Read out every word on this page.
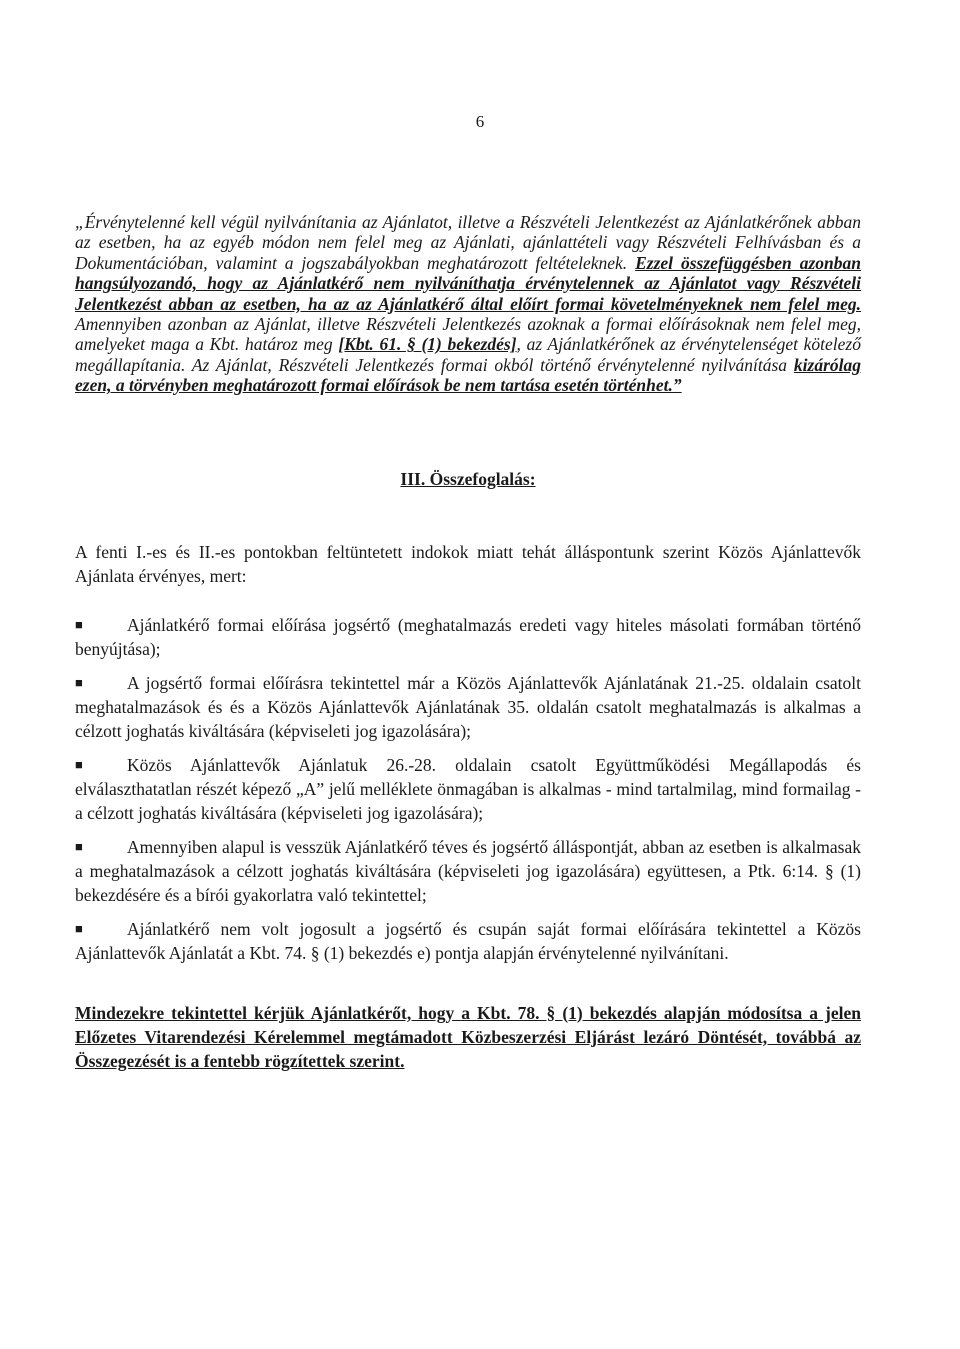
6

„Érvénytelenné kell végül nyilvánítania az Ajánlatot, illetve a Részvételi Jelentkezést az Ajánlatkérőnek abban az esetben, ha az egyéb módon nem felel meg az Ajánlati, ajánlattételi vagy Részvételi Felhívásban és a Dokumentációban, valamint a jogszabályokban meghatározott feltételeknek. Ezzel összefüggésben azonban hangsúlyozandó, hogy az Ajánlatkérő nem nyilváníthatja érvénytelennek az Ajánlatot vagy Részvételi Jelentkezést abban az esetben, ha az az Ajánlatkérő által előírt formai követelményeknek nem felel meg. Amennyiben azonban az Ajánlat, illetve Részvételi Jelentkezés azoknak a formai előírásoknak nem felel meg, amelyeket maga a Kbt. határoz meg [Kbt. 61. § (1) bekezdés], az Ajánlatkérőnek az érvénytelenséget kötelező megállapítania. Az Ajánlat, Részvételi Jelentkezés formai okból történő érvénytelenné nyilvánítása kizárólag ezen, a törvényben meghatározott formai előírások be nem tartása esetén történhet.”

III. Összefoglalás:

A fenti I.-es és II.-es pontokban feltüntetett indokok miatt tehát álláspontunk szerint Közös Ajánlattevők Ajánlata érvényes, mert:

■	Ajánlatkérő formai előírása jogsértő (meghatalmazás eredeti vagy hiteles másolati formában történő benyújtása);
■	A jogsértő formai előírásra tekintettel már a Közös Ajánlattevők Ajánlatának 21.-25. oldalain csatolt meghatalmazások és és a Közös Ajánlattevők Ajánlatának 35. oldalán csatolt meghatalmazás is alkalmas a célzott joghatás kiváltására (képviseleti jog igazolására);
■	Közös Ajánlattevők Ajánlatuk 26.-28. oldalain csatolt Együttműködési Megállapodás és elválaszthatatlan részét képező „A” jelű melléklete önmagában is alkalmas - mind tartalmilag, mind formailag - a célzott joghatás kiváltására (képviseleti jog igazolására);
■	Amennyiben alapul is vesszük Ajánlatkérő téves és jogsértő álláspontját, abban az esetben is alkalmasak a meghatalmazások a célzott joghatás kiváltására (képviseleti jog igazolására) együttesen, a Ptk. 6:14. § (1) bekezdésére és a bírói gyakorlatra való tekintettel;
■	Ajánlatkérő nem volt jogosult a jogsértő és csupán saját formai előírására tekintettel a Közös Ajánlattevők Ajánlatát a Kbt. 74. § (1) bekezdés e) pontja alapján érvénytelenné nyilvánítani.

Mindezekre tekintettel kérjük Ajánlatkérőt, hogy a Kbt. 78. § (1) bekezdés alapján módosítsa a jelen Előzetes Vitarendezési Kérelemmel megtámadott Közbeszerzési Eljárást lezáró Döntését, továbbá az Összegezését is a fentebb rögzítettek szerint.
